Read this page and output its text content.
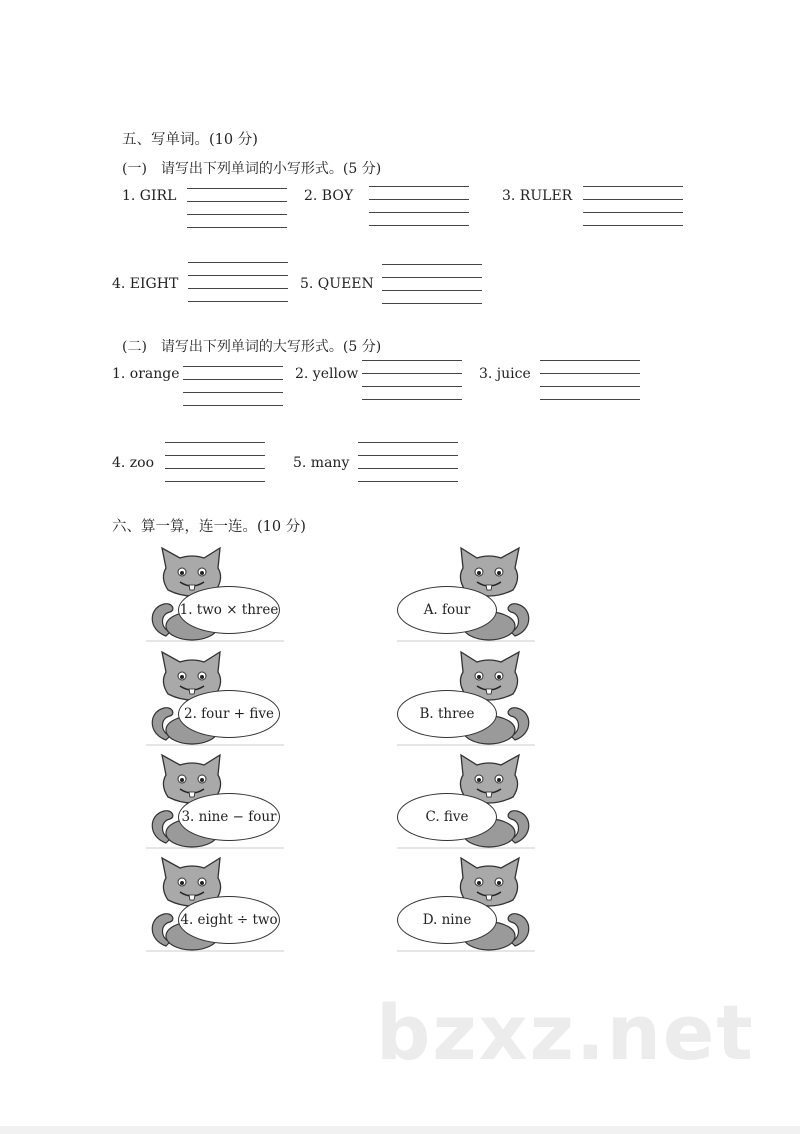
五、写单词。(10 分)
(一)　请写出下列单词的小写形式。(5 分)
1. GIRL	2. BOY	3. RULER
4. EIGHT	5. QUEEN
(二)　请写出下列单词的大写形式。(5 分)
1. orange	2. yellow	3. juice
4. zoo	5. many
六、算一算，连一连。(10 分)
1. two × three
2. four + five
3. nine − four
4. eight ÷ two
A. four
B. three
C. five
D. nine
bzxz.net
